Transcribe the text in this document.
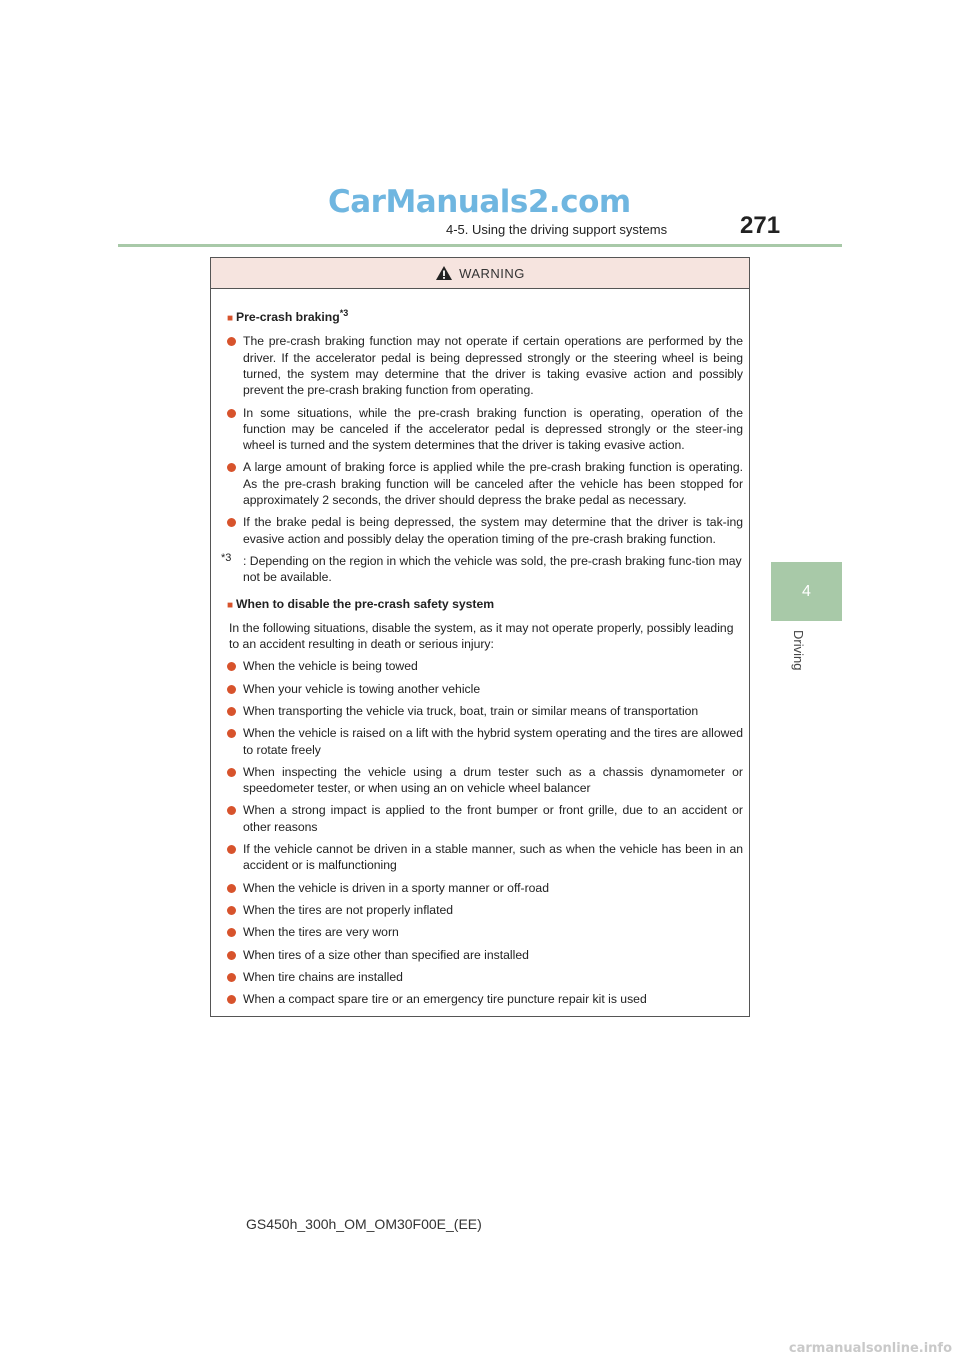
CarManuals2.com
4-5. Using the driving support systems	271
4
Driving
WARNING
■ Pre-crash braking$^{*3}$
The pre-crash braking function may not operate if certain operations are performed by the driver. If the accelerator pedal is being depressed strongly or the steering wheel is being turned, the system may determine that the driver is taking evasive action and possibly prevent the pre-crash braking function from operating.
In some situations, while the pre-crash braking function is operating, operation of the function may be canceled if the accelerator pedal is depressed strongly or the steer-ing wheel is turned and the system determines that the driver is taking evasive action.
A large amount of braking force is applied while the pre-crash braking function is operating. As the pre-crash braking function will be canceled after the vehicle has been stopped for approximately 2 seconds, the driver should depress the brake pedal as necessary.
If the brake pedal is being depressed, the system may determine that the driver is tak-ing evasive action and possibly delay the operation timing of the pre-crash braking function.
*3 : Depending on the region in which the vehicle was sold, the pre-crash braking func-tion may not be available.
■ When to disable the pre-crash safety system
In the following situations, disable the system, as it may not operate properly, possibly leading to an accident resulting in death or serious injury:
When the vehicle is being towed
When your vehicle is towing another vehicle
When transporting the vehicle via truck, boat, train or similar means of transportation
When the vehicle is raised on a lift with the hybrid system operating and the tires are allowed to rotate freely
When inspecting the vehicle using a drum tester such as a chassis dynamometer or speedometer tester, or when using an on vehicle wheel balancer
When a strong impact is applied to the front bumper or front grille, due to an accident or other reasons
If the vehicle cannot be driven in a stable manner, such as when the vehicle has been in an accident or is malfunctioning
When the vehicle is driven in a sporty manner or off-road
When the tires are not properly inflated
When the tires are very worn
When tires of a size other than specified are installed
When tire chains are installed
When a compact spare tire or an emergency tire puncture repair kit is used
GS450h_300h_OM_OM30F00E_(EE)
carmanualsonline.info
